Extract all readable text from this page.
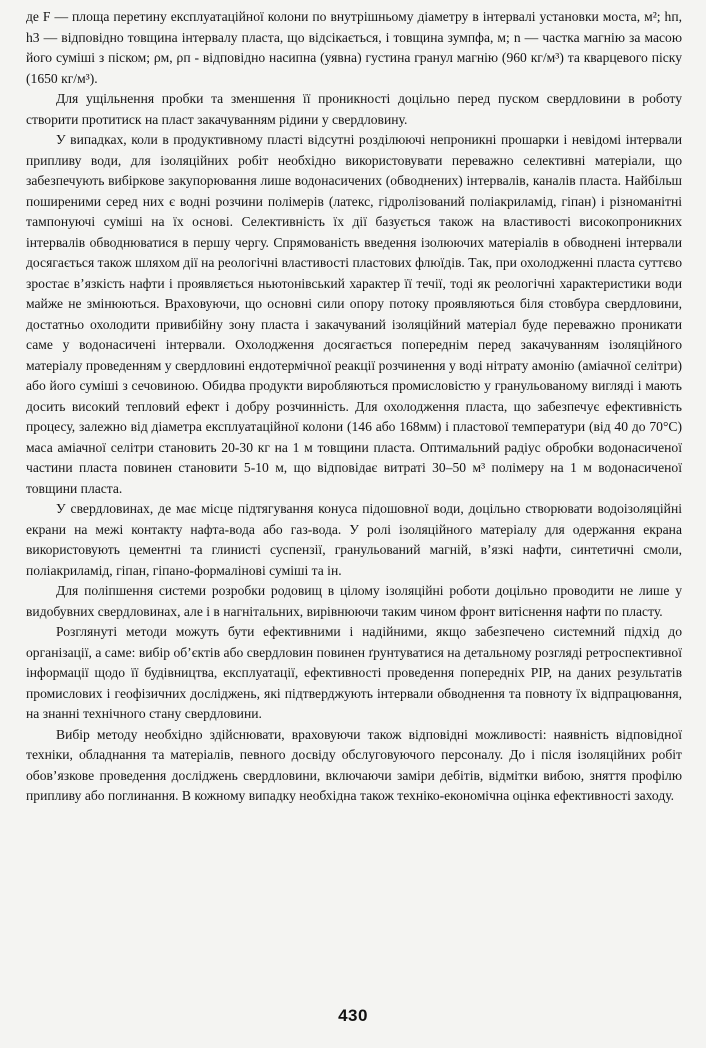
де F — площа перетину експлуатаційної колони по внутрішньому діаметру в інтервалі установки моста, м²; hп, h3 — відповідно товщина інтервалу пласта, що відсікається, і товщина зумпфа, м; n — частка магнію за масою його суміші з піском; ρм, ρп - відповідно насипна (уявна) густина гранул магнію (960 кг/м³) та кварцевого піску (1650 кг/м³).

Для ущільнення пробки та зменшення її проникності доцільно перед пуском свердловини в роботу створити протитиск на пласт закачуванням рідини у свердловину.

У випадках, коли в продуктивному пласті відсутні розділюючі непроникні прошарки і невідомі інтервали припливу води, для ізоляційних робіт необхідно використовувати переважно селективні матеріали, що забезпечують вибіркове закупорювання лише водонасичених (обводнених) інтервалів, каналів пласта. Найбільш поширеними серед них є водні розчини полімерів (латекс, гідролізований поліакриламід, гіпан) і різноманітні тампонуючі суміші на їх основі. Селективність їх дії базується також на властивості високопроникних інтервалів обводнюватися в першу чергу. Спрямованість введення ізолюючих матеріалів в обводнені інтервали досягається також шляхом дії на реологічні властивості пластових флюїдів. Так, при охолодженні пласта суттєво зростає в’язкість нафти і проявляється ньютонівський характер її течії, тоді як реологічні характеристики води майже не змінюються. Враховуючи, що основні сили опору потоку проявляються біля стовбура свердловини, достатньо охолодити привибійну зону пласта і закачуваний ізоляційний матеріал буде переважно проникати саме у водонасичені інтервали. Охолодження досягається попереднім перед закачуванням ізоляційного матеріалу проведенням у свердловині ендотермічної реакції розчинення у воді нітрату амонію (аміачної селітри) або його суміші з сечовиною. Обидва продукти виробляються промисловістю у гранульованому вигляді і мають досить високий тепловий ефект і добру розчинність. Для охолодження пласта, що забезпечує ефективність процесу, залежно від діаметра експлуатаційної колони (146 або 168мм) і пластової температури (від 40 до 70°С) маса аміачної селітри становить 20-30 кг на 1 м товщини пласта. Оптимальний радіус обробки водонасиченої частини пласта повинен становити 5-10 м, що відповідає витраті 30–50 м³ полімеру на 1 м водонасиченої товщини пласта.

У свердловинах, де має місце підтягування конуса підошовної води, доцільно створювати водоізоляційні екрани на межі контакту нафта-вода або газ-вода. У ролі ізоляційного матеріалу для одержання екрана використовують цементні та глинисті суспензії, гранульований магній, в’язкі нафти, синтетичні смоли, поліакриламід, гіпан, гіпано-формалінові суміші та ін.

Для поліпшення системи розробки родовищ в цілому ізоляційні роботи доцільно проводити не лише у видобувних свердловинах, але і в нагнітальних, вирівнюючи таким чином фронт витіснення нафти по пласту.

Розглянуті методи можуть бути ефективними і надійними, якщо забезпечено системний підхід до організації, а саме: вибір об’єктів або свердловин повинен ґрунтуватися на детальному розгляді ретроспективної інформації щодо її будівництва, експлуатації, ефективності проведення попередніх РІР, на даних результатів промислових і геофізичних досліджень, які підтверджують інтервали обводнення та повноту їх відпрацювання, на знанні технічного стану свердловини.

Вибір методу необхідно здійснювати, враховуючи також відповідні можливості: наявність відповідної техніки, обладнання та матеріалів, певного досвіду обслуговуючого персоналу. До і після ізоляційних робіт обов’язкове проведення досліджень свердловини, включаючи заміри дебітів, відмітки вибою, зняття профілю припливу або поглинання. В кожному випадку необхідна також техніко-економічна оцінка ефективності заходу.

430
